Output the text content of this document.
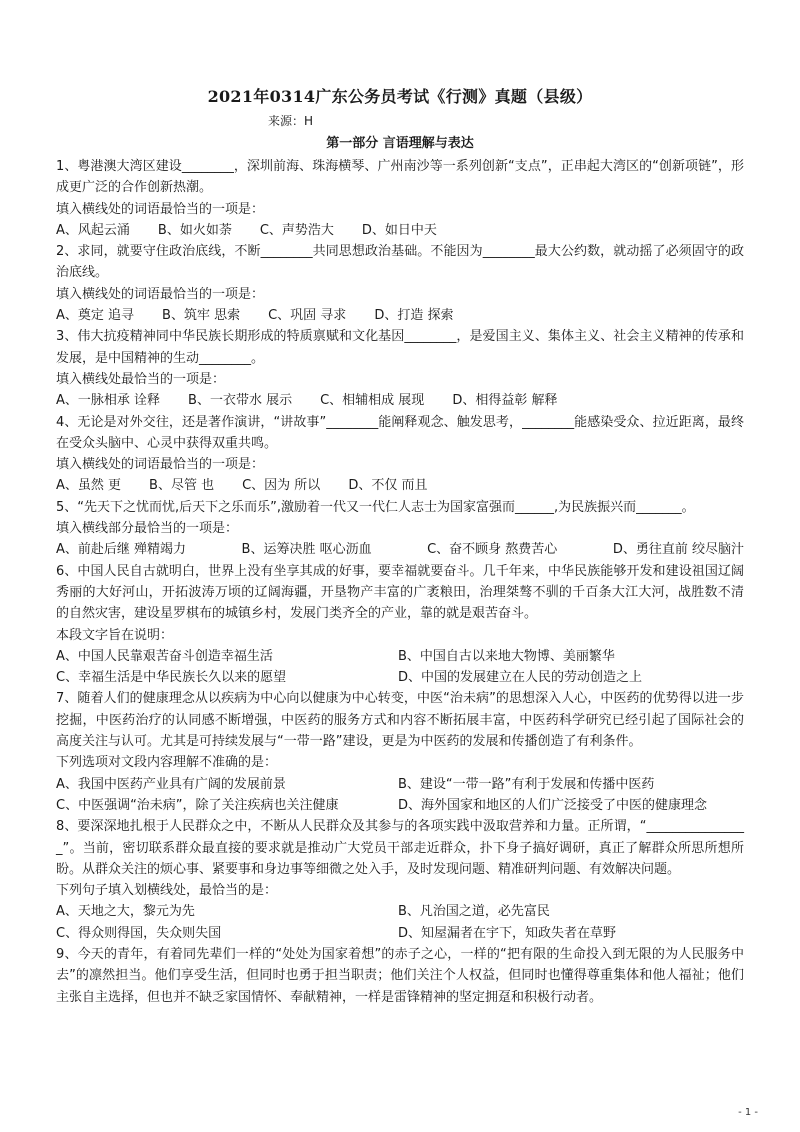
2021年0314广东公务员考试《行测》真题（县级）
来源：H
第一部分 言语理解与表达

1、粤港澳大湾区建设________，深圳前海、珠海横琴、广州南沙等一系列创新“支点”，正串起大湾区的“创新项链”，形成更广泛的合作创新热潮。

填入横线处的词语最恰当的一项是：

A、风起云涌 B、如火如荼 C、声势浩大 D、如日中天

2、求同，就要守住政治底线，不断________共同思想政治基础。不能因为________最大公约数，就动摇了必须固守的政治底线。

填入横线处的词语最恰当的一项是：

A、奠定 追寻 B、筑牢 思索 C、巩固 寻求 D、打造 探索

3、伟大抗疫精神同中华民族长期形成的特质禀赋和文化基因________，是爱国主义、集体主义、社会主义精神的传承和发展，是中国精神的生动________。

填入横线处最恰当的一项是：

A、一脉相承 诠释 B、一衣带水 展示 C、相辅相成 展现 D、相得益彰 解释

4、无论是对外交往，还是著作演讲，“讲故事”________能阐释观念、触发思考，________能感染受众、拉近距离，最终在受众头脑中、心灵中获得双重共鸣。

填入横线处的词语最恰当的一项是：

A、虽然 更 B、尽管 也 C、因为 所以 D、不仅 而且

5、“先天下之忧而忧,后天下之乐而乐”,激励着一代又一代仁人志士为国家富强而______,为民族振兴而_______。

填入横线部分最恰当的一项是：

A、前赴后继 殚精竭力	B、运筹决胜 呕心沥血	C、奋不顾身 熬费苦心	D、勇往直前 绞尽脑汁

6、中国人民自古就明白，世界上没有坐享其成的好事，要幸福就要奋斗。几千年来，中华民族能够开发和建设祖国辽阔秀丽的大好河山，开拓波涛万顷的辽阔海疆，开垦物产丰富的广袤粮田，治理桀骜不驯的千百条大江大河，战胜数不清的自然灾害，建设星罗棋布的城镇乡村，发展门类齐全的产业，靠的就是艰苦奋斗。

本段文字旨在说明：

A、中国人民靠艰苦奋斗创造幸福生活	B、中国自古以来地大物博、美丽繁华
C、幸福生活是中华民族长久以来的愿望	D、中国的发展建立在人民的劳动创造之上

7、随着人们的健康理念从以疾病为中心向以健康为中心转变，中医“治未病”的思想深入人心，中医药的优势得以进一步挖掘，中医药治疗的认同感不断增强，中医药的服务方式和内容不断拓展丰富，中医药科学研究已经引起了国际社会的高度关注与认可。尤其是可持续发展与“一带一路”建设，更是为中医药的发展和传播创造了有利条件。

下列选项对文段内容理解不准确的是：

A、我国中医药产业具有广阔的发展前景	B、建设“一带一路”有利于发展和传播中医药
C、中医强调“治未病”，除了关注疾病也关注健康	D、海外国家和地区的人们广泛接受了中医的健康理念

8、要深深地扎根于人民群众之中，不断从人民群众及其参与的各项实践中汲取营养和力量。正所谓，“________________”。当前，密切联系群众最直接的要求就是推动广大党员干部走近群众，扑下身子搞好调研，真正了解群众所思所想所盼。从群众关注的烦心事、紧要事和身边事等细微之处入手，及时发现问题、精准研判问题、有效解决问题。

下列句子填入划横线处，最恰当的是：

A、天地之大，黎元为先	B、凡治国之道，必先富民
C、得众则得国，失众则失国	D、知屋漏者在宇下，知政失者在草野

9、今天的青年，有着同先辈们一样的“处处为国家着想”的赤子之心，一样的“把有限的生命投入到无限的为人民服务中去”的凛然担当。他们享受生活，但同时也勇于担当职责；他们关注个人权益，但同时也懂得尊重集体和他人福祉；他们主张自主选择，但也并不缺乏家国情怀、奉献精神，一样是雷锋精神的坚定拥趸和积极行动者。

- 1 -
